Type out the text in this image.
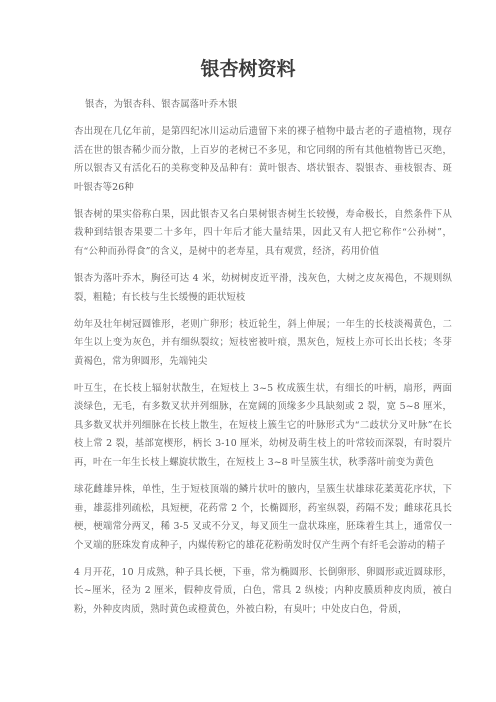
银杏树资料

银杏，为银杏科、银杏属落叶乔木银

杏出现在几亿年前，是第四纪冰川运动后遗留下来的裸子植物中最古老的孑遗植物，现存活在世的银杏稀少而分散，上百岁的老树已不多见，和它同纲的所有其他植物皆已灭绝，所以银杏又有活化石的美称变种及品种有：黄叶银杏、塔状银杏、裂银杏、垂枝银杏、斑叶银杏等26种

银杏树的果实俗称白果，因此银杏又名白果树银杏树生长较慢，寿命极长，自然条件下从栽种到结银杏果要二十多年，四十年后才能大量结果，因此又有人把它称作“公孙树”，有“公种而孙得食”的含义，是树中的老寿星，具有观赏，经济，药用价值

银杏为落叶乔木，胸径可达 4 米，幼树树皮近平滑，浅灰色，大树之皮灰褐色，不规则纵裂，粗糙；有长枝与生长缓慢的距状短枝

幼年及壮年树冠圆锥形，老则广卵形；枝近轮生，斜上伸展；一年生的长枝淡褐黄色，二年生以上变为灰色，并有细纵裂纹；短枝密被叶痕，黑灰色，短枝上亦可长出长枝；冬芽黄褐色，常为卵圆形，先端钝尖

叶互生，在长枝上辐射状散生，在短枝上 3~5 枚成簇生状，有细长的叶柄，扇形，两面淡绿色，无毛，有多数叉状并列细脉，在宽阔的顶缘多少具缺刻或 2 裂，宽 5~8 厘米，具多数叉状并列细脉在长枝上散生，在短枝上簇生它的叶脉形式为“二歧状分叉叶脉”在长枝上常 2 裂，基部宽楔形，柄长 3-10 厘米，幼树及萌生枝上的叶常较而深裂，有时裂片再，叶在一年生长枝上螺旋状散生，在短枝上 3~8 叶呈簇生状，秋季落叶前变为黄色

球花雌雄异株，单性，生于短枝顶端的鳞片状叶的腋内，呈簇生状雄球花葇荑花序状，下垂，雄蕊排列疏松，具短梗，花药常 2 个，长椭圆形，药室纵裂，药隔不发；雌球花具长梗，梗端常分两叉，稀 3-5 叉或不分叉，每叉顶生一盘状珠座，胚珠着生其上，通常仅一个叉端的胚珠发育成种子，内媒传粉它的雄花花粉萌发时仅产生两个有纤毛会游动的精子

4 月开花，10 月成熟，种子具长梗，下垂，常为椭圆形、长倒卵形、卵圆形或近圆球形，长~厘米，径为 2 厘米，假种皮骨质，白色，常具 2 纵棱；内种皮膜质种皮肉质，被白粉，外种皮肉质，熟时黄色或橙黄色，外被白粉，有臭叶；中处皮白色，骨质，
